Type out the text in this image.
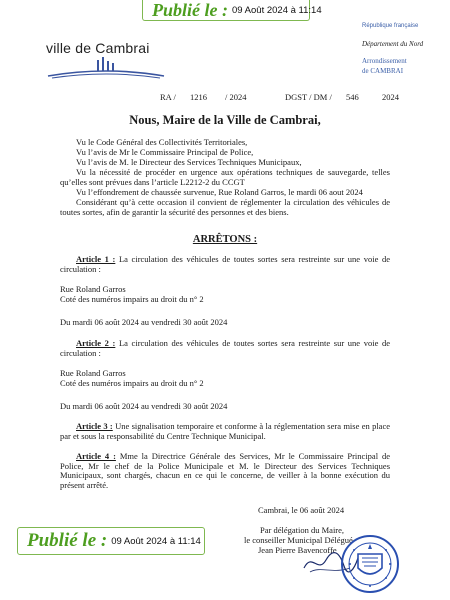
Publié le : 09 Août 2024 à 11:14
ville de Cambrai
République française
Département du Nord
Arrondissement
de CAMBRAI
RA / 1216 / 2024	DGST / DM / 546	2024
Nous, Maire de la Ville de Cambrai,
Vu le Code Général des Collectivités Territoriales,
Vu l’avis de Mr le Commissaire Principal de Police,
Vu l’avis de M. le Directeur des Services Techniques Municipaux,
Vu la nécessité de procéder en urgence aux opérations techniques de sauvegarde, telles qu’elles sont prévues dans l’article L2212-2 du CCGT
Vu l’effondrement de chaussée survenue, Rue Roland Garros, le mardi 06 aout 2024
Considérant qu’à cette occasion il convient de réglementer la circulation des véhicules de toutes sortes, afin de garantir la sécurité des personnes et des biens.
ARRÊTONS :
Article 1 : La circulation des véhicules de toutes sortes sera restreinte sur une voie de circulation :
Rue Roland Garros
Coté des numéros impairs au droit du n° 2
Du mardi 06 août 2024 au vendredi 30 août 2024
Article 2 : La circulation des véhicules de toutes sortes sera restreinte sur une voie de circulation :
Rue Roland Garros
Coté des numéros impairs au droit du n° 2
Du mardi 06 août 2024 au vendredi 30 août 2024
Article 3 : Une signalisation temporaire et conforme à la réglementation sera mise en place par et sous la responsabilité du Centre Technique Municipal.
Article 4 : Mme la Directrice Générale des Services, Mr le Commissaire Principal de Police, Mr le chef de la Police Municipale et M. le Directeur des Services Techniques Municipaux, sont chargés, chacun en ce qui le concerne, de veiller à la bonne exécution du présent arrêté.
Cambrai, le 06 août 2024
Par délégation du Maire,
le conseiller Municipal Délégué
Jean Pierre Bavencoffe
Publié le : 09 Août 2024 à 11:14
